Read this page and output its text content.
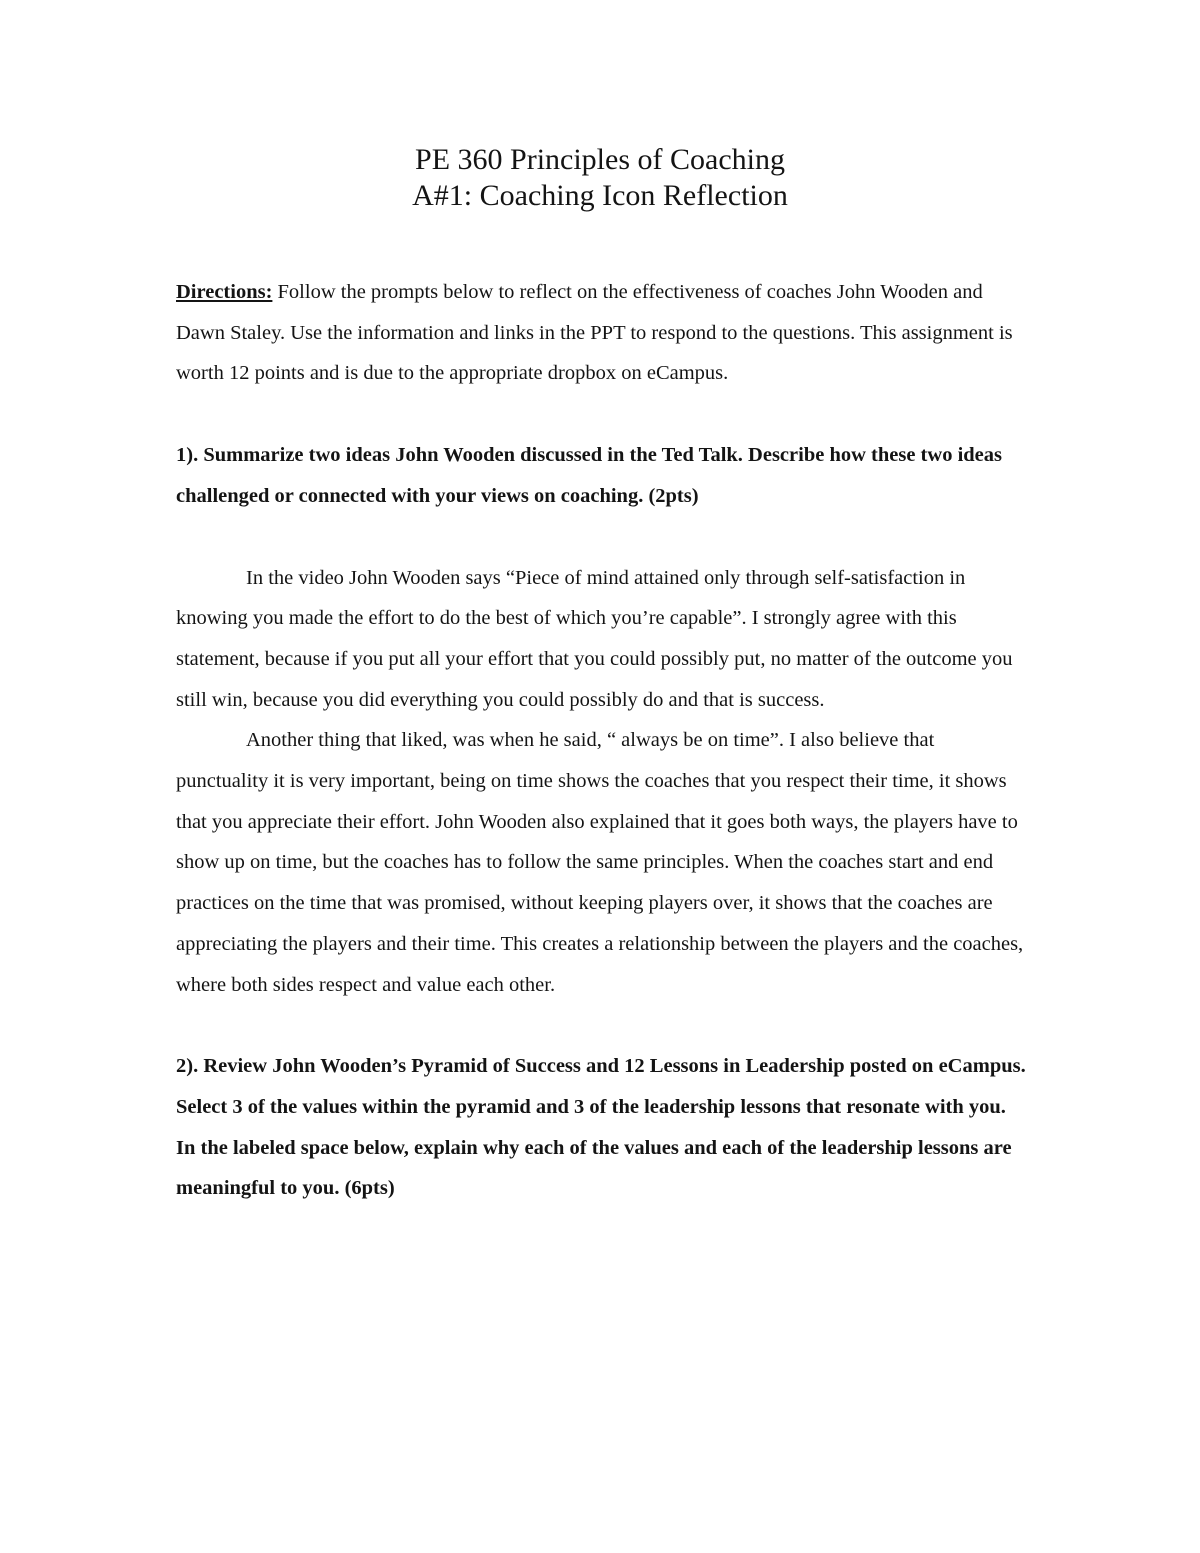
PE 360 Principles of Coaching
A#1: Coaching Icon Reflection

Directions: Follow the prompts below to reflect on the effectiveness of coaches John Wooden and Dawn Staley. Use the information and links in the PPT to respond to the questions. This assignment is worth 12 points and is due to the appropriate dropbox on eCampus.

1). Summarize two ideas John Wooden discussed in the Ted Talk. Describe how these two ideas challenged or connected with your views on coaching. (2pts)

In the video John Wooden says “Piece of mind attained only through self-satisfaction in knowing you made the effort to do the best of which you’re capable”. I strongly agree with this statement, because if you put all your effort that you could possibly put, no matter of the outcome you still win, because you did everything you could possibly do and that is success.

Another thing that liked, was when he said, “ always be on time”. I also believe that punctuality it is very important, being on time shows the coaches that you respect their time, it shows that you appreciate their effort. John Wooden also explained that it goes both ways, the players have to show up on time, but the coaches has to follow the same principles. When the coaches start and end practices on the time that was promised, without keeping players over, it shows that the coaches are appreciating the players and their time. This creates a relationship between the players and the coaches, where both sides respect and value each other.

2). Review John Wooden’s Pyramid of Success and 12 Lessons in Leadership posted on eCampus. Select 3 of the values within the pyramid and 3 of the leadership lessons that resonate with you. In the labeled space below, explain why each of the values and each of the leadership lessons are meaningful to you. (6pts)
